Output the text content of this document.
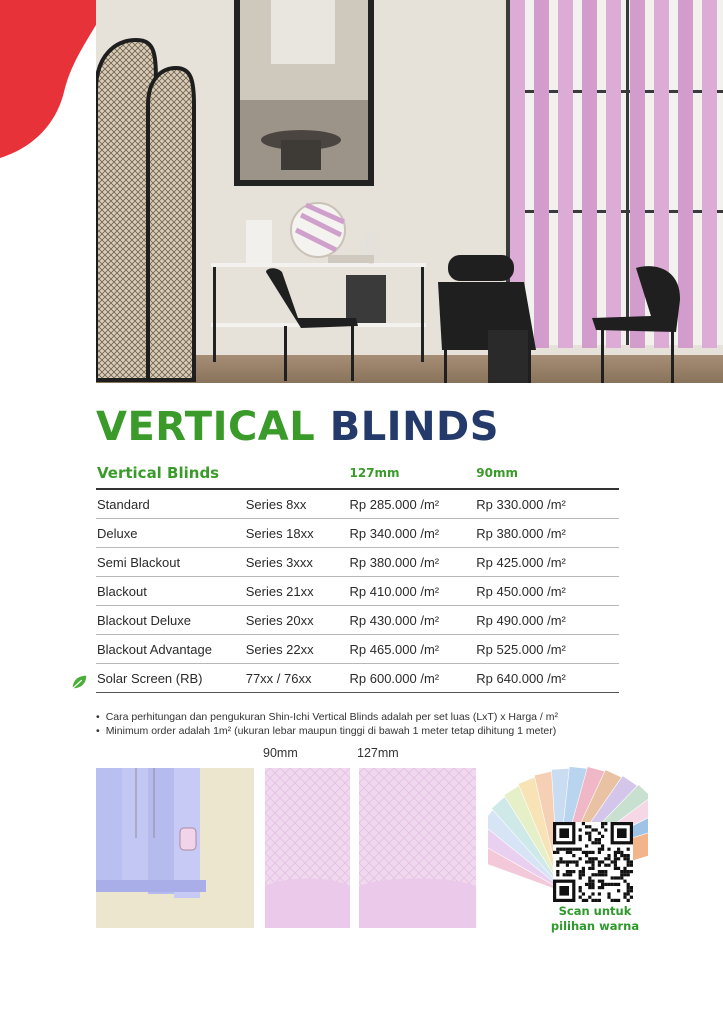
VERTICAL BLINDS
Vertical Blinds		127mm	90mm
Standard	Series 8xx	Rp 285.000 /m²	Rp 330.000 /m²
Deluxe	Series 18xx	Rp 340.000 /m²	Rp 380.000 /m²
Semi Blackout	Series 3xxx	Rp 380.000 /m²	Rp 425.000 /m²
Blackout	Series 21xx	Rp 410.000 /m²	Rp 450.000 /m²
Blackout Deluxe	Series 20xx	Rp 430.000 /m²	Rp 490.000 /m²
Blackout Advantage	Series 22xx	Rp 465.000 /m²	Rp 525.000 /m²
Solar Screen (RB)	77xx / 76xx	Rp 600.000 /m²	Rp 640.000 /m²
• Cara perhitungan dan pengukuran Shin-Ichi Vertical Blinds adalah per set luas (LxT) x Harga / m²
• Minimum order adalah 1m² (ukuran lebar maupun tinggi di bawah 1 meter tetap dihitung 1 meter)
90mm	127mm
Scan untuk
pilihan warna
